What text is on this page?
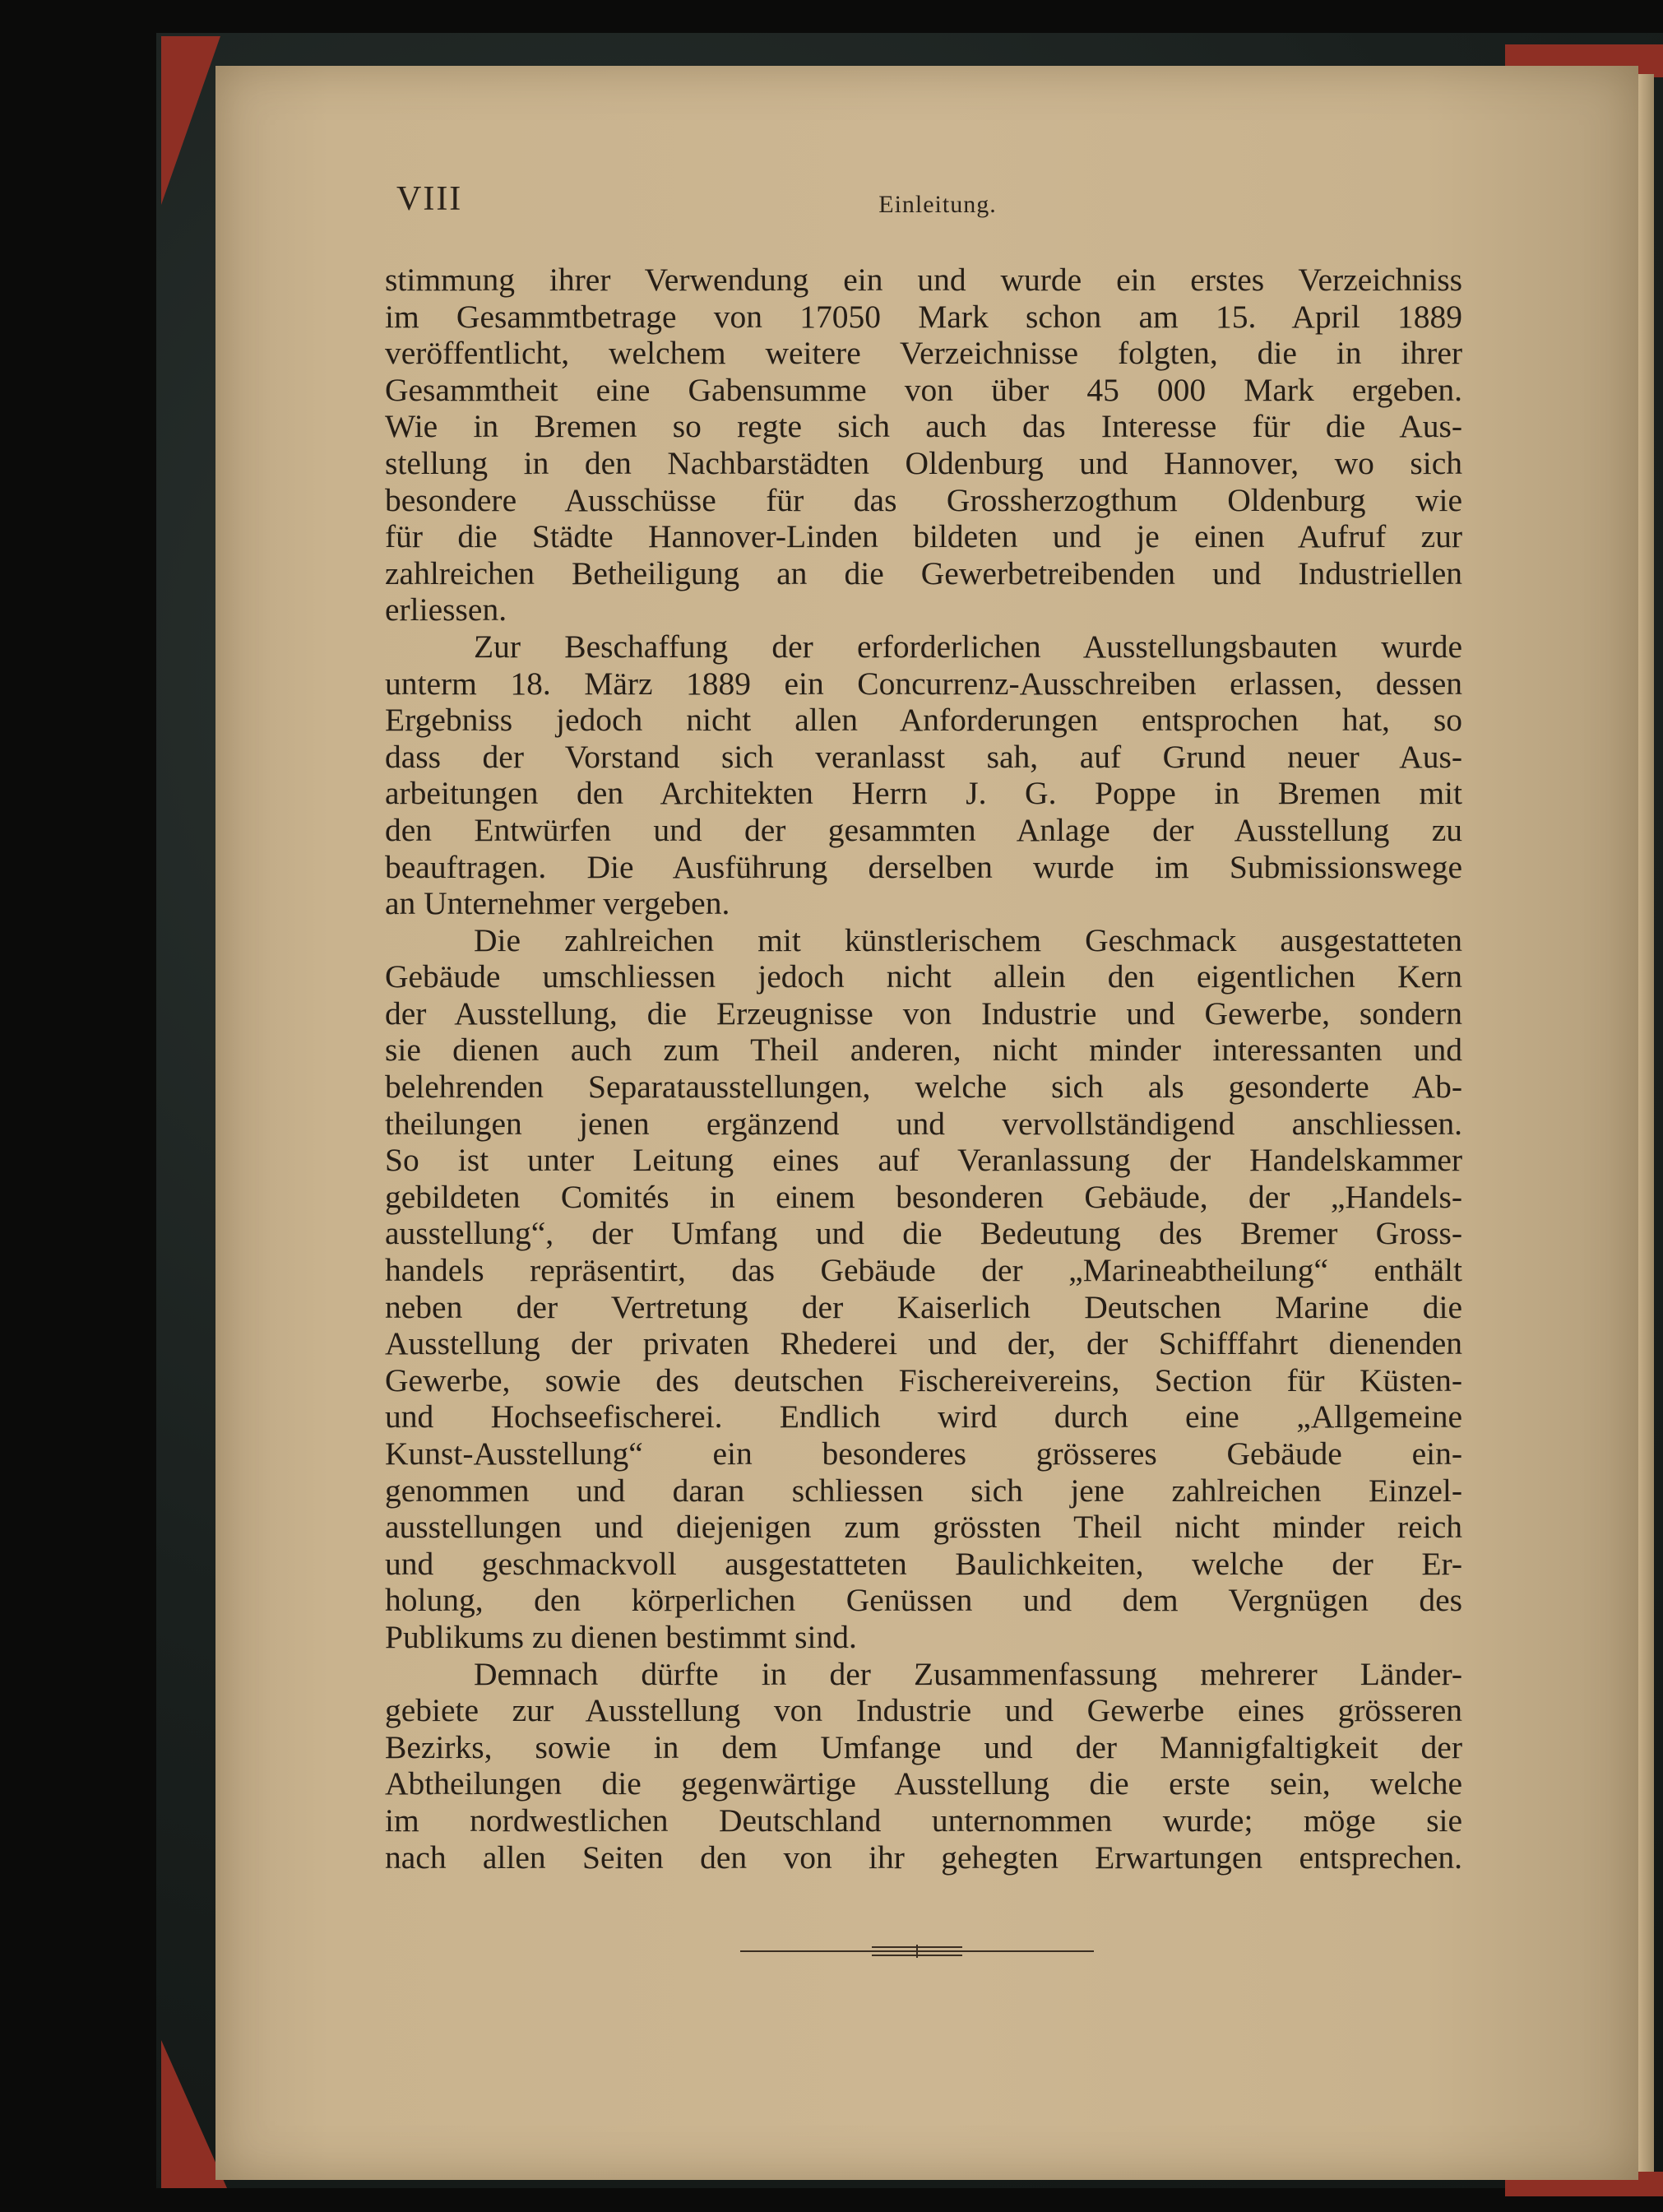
VIII	Einleitung.
stimmung ihrer Verwendung ein und wurde ein erstes Verzeichniss
im Gesammtbetrage von 17050 Mark schon am 15. April 1889
veröffentlicht, welchem weitere Verzeichnisse folgten, die in ihrer
Gesammtheit eine Gabensumme von über 45 000 Mark ergeben.
Wie in Bremen so regte sich auch das Interesse für die Aus-
stellung in den Nachbarstädten Oldenburg und Hannover, wo sich
besondere Ausschüsse für das Grossherzogthum Oldenburg wie
für die Städte Hannover-Linden bildeten und je einen Aufruf zur
zahlreichen Betheiligung an die Gewerbetreibenden und Industriellen
erliessen.
Zur Beschaffung der erforderlichen Ausstellungsbauten wurde
unterm 18. März 1889 ein Concurrenz-Ausschreiben erlassen, dessen
Ergebniss jedoch nicht allen Anforderungen entsprochen hat, so
dass der Vorstand sich veranlasst sah, auf Grund neuer Aus-
arbeitungen den Architekten Herrn J. G. Poppe in Bremen mit
den Entwürfen und der gesammten Anlage der Ausstellung zu
beauftragen. Die Ausführung derselben wurde im Submissionswege
an Unternehmer vergeben.
Die zahlreichen mit künstlerischem Geschmack ausgestatteten
Gebäude umschliessen jedoch nicht allein den eigentlichen Kern
der Ausstellung, die Erzeugnisse von Industrie und Gewerbe, sondern
sie dienen auch zum Theil anderen, nicht minder interessanten und
belehrenden Separatausstellungen, welche sich als gesonderte Ab-
theilungen jenen ergänzend und vervollständigend anschliessen.
So ist unter Leitung eines auf Veranlassung der Handelskammer
gebildeten Comités in einem besonderen Gebäude, der „Handels-
ausstellung“, der Umfang und die Bedeutung des Bremer Gross-
handels repräsentirt, das Gebäude der „Marineabtheilung“ enthält
neben der Vertretung der Kaiserlich Deutschen Marine die
Ausstellung der privaten Rhederei und der, der Schifffahrt dienenden
Gewerbe, sowie des deutschen Fischereivereins, Section für Küsten-
und Hochseefischerei. Endlich wird durch eine „Allgemeine
Kunst-Ausstellung“ ein besonderes grösseres Gebäude ein-
genommen und daran schliessen sich jene zahlreichen Einzel-
ausstellungen und diejenigen zum grössten Theil nicht minder reich
und geschmackvoll ausgestatteten Baulichkeiten, welche der Er-
holung, den körperlichen Genüssen und dem Vergnügen des
Publikums zu dienen bestimmt sind.
Demnach dürfte in der Zusammenfassung mehrerer Länder-
gebiete zur Ausstellung von Industrie und Gewerbe eines grösseren
Bezirks, sowie in dem Umfange und der Mannigfaltigkeit der
Abtheilungen die gegenwärtige Ausstellung die erste sein, welche
im nordwestlichen Deutschland unternommen wurde; möge sie
nach allen Seiten den von ihr gehegten Erwartungen entsprechen.
